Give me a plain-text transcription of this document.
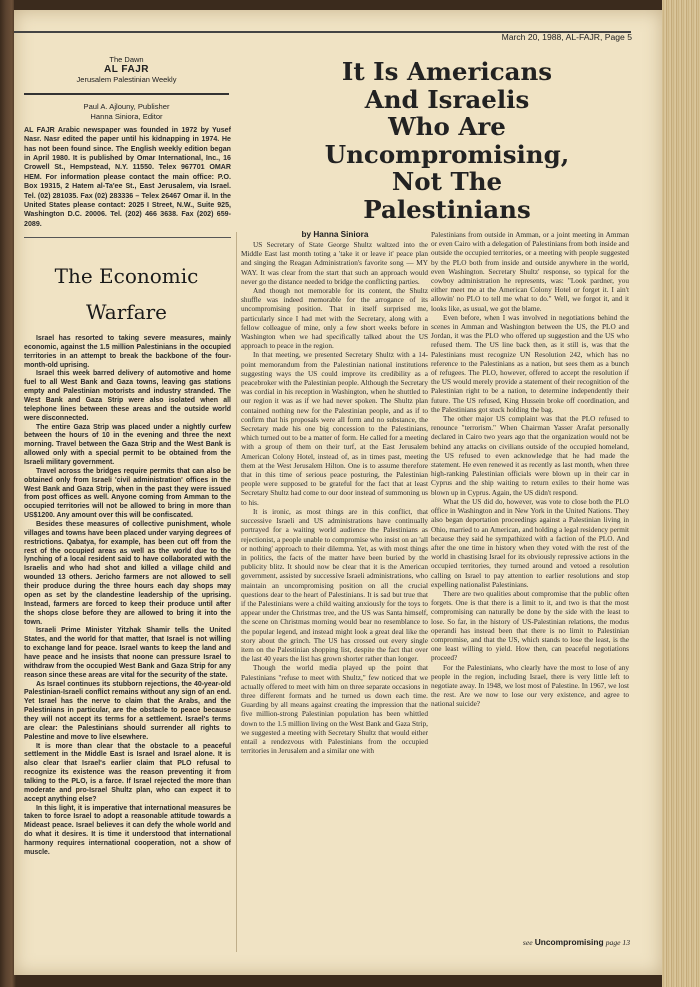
March 20, 1988, AL-FAJR, Page 5
The Dawn
AL FAJR
Jerusalem Palestinian Weekly
Paul A. Ajlouny, Publisher
Hanna Siniora, Editor
AL FAJR Arabic newspaper was founded in 1972 by Yusef Nasr. Nasr edited the paper until his kidnapping in 1974. He has not been found since. The English weekly edition began in April 1980. It is published by Omar International, Inc., 16 Crowell St., Hempstead, N.Y. 11550. Telex 967701 OMAR HEM. For information please contact the main office: P.O. Box 19315, 2 Hatem al-Ta'ee St., East Jerusalem, via Israel. Tel. (02) 281035. Fax (02) 283336 – Telex 26467 Omar il. In the United States please contact: 2025 I Street, N.W., Suite 925, Washington D.C. 20006. Tel. (202) 466 3638. Fax (202) 659-2089.
The Economic
Warfare

Israel has resorted to taking severe measures, mainly economic, against the 1.5 million Palestinians in the occupied territories in an attempt to break the backbone of the four-month-old uprising.

Israel this week barred delivery of automotive and home fuel to all West Bank and Gaza towns, leaving gas stations empty and Palestinian motorists and industry stranded. The West Bank and Gaza Strip were also isolated when all telephone lines between these areas and the outside world were disconnected.

The entire Gaza Strip was placed under a nightly curfew between the hours of 10 in the evening and three the next morning. Travel between the Gaza Strip and the West Bank is allowed only with a special permit to be obtained from the Israeli military government.

Travel across the bridges require permits that can also be obtained only from Israeli 'civil administration' offices in the West Bank and Gaza Strip, when in the past they were issued from post offices as well. Anyone coming from Amman to the occupied territories will not be allowed to bring in more than US$1200. Any amount over this will be confiscated.

Besides these measures of collective punishment, whole villages and towns have been placed under varying degrees of restrictions. Qabatya, for example, has been cut off from the rest of the occupied areas as well as the world due to the lynching of a local resident said to have collaborated with the Israelis and who had shot and killed a village child and wounded 13 others. Jericho farmers are not allowed to sell their produce during the three hours each day shops may open as set by the clandestine leadership of the uprising. Instead, farmers are forced to keep their produce until after the shops close before they are allowed to bring it into the town.

Israeli Prime Minister Yitzhak Shamir tells the United States, and the world for that matter, that Israel is not willing to exchange land for peace. Israel wants to keep the land and have peace and he insists that noone can pressure Israel to withdraw from the occupied West Bank and Gaza Strip for any reason since these areas are vital for the security of the state.

As Israel continues its stubborn rejections, the 40-year-old Palestinian-Israeli conflict remains without any sign of an end. Yet Israel has the nerve to claim that the Arabs, and the Palestinians in particular, are the obstacle to peace because they will not accept its terms for a settlement. Israel's terms are clear: the Palestinians should surrender all rights to Palestine and move to live elsewhere.

It is more than clear that the obstacle to a peaceful settlement in the Middle East is Israel and Israel alone. It is also clear that Israel's earlier claim that PLO refusal to recognize its existence was the reason preventing it from talking to the PLO, is a farce. If Israel rejected the more than moderate and pro-Israel Shultz plan, who can expect it to accept anything else?

In this light, it is imperative that international measures be taken to force Israel to adopt a reasonable attitude towards a Mideast peace. Israel believes it can defy the whole world and do what it desires. It is time it understood that international harmony requires international cooperation, not a show of muscle.

It Is Americans
And Israelis
Who Are
Uncompromising,
Not The
Palestinians
by Hanna Siniora

US Secretary of State George Shultz waltzed into the Middle East last month toting a 'take it or leave it' peace plan and singing the Reagan Administration's favorite song — MY WAY. It was clear from the start that such an approach would never go the distance needed to bridge the conflicting parties.

And though not memorable for its content, the Shultz shuffle was indeed memorable for the arrogance of its uncompromising position. That in itself surprised me, particularly since I had met with the Secretary, along with a fellow colleague of mine, only a few short weeks before in Washington when we had specifically talked about the US approach to peace in the region.

In that meeting, we presented Secretary Shultz with a 14-point memorandum from the Palestinian national institutions suggesting ways the US could improve its credibility as a peacebroker with the Palestinian people. Although the Secretary was cordial in his reception in Washington, when he shuttled to our region it was as if we had never spoken. The Shultz plan contained nothing new for the Palestinian people, and as if to confirm that his proposals were all form and no substance, the Secretary made his one big concession to the Palestinians, which turned out to be a matter of form. He called for a meeting with a group of them on their turf, at the East Jerusalem American Colony Hotel, instead of, as in times past, meeting them at the West Jerusalem Hilton. One is to assume therefore that in this time of serious peace posturing, the Palestinian people were supposed to be grateful for the fact that at least Secretary Shultz had come to our door instead of summoning us to his.

It is ironic, as most things are in this conflict, that successive Israeli and US administrations have continually portrayed for a waiting world audience the Palestinians as rejectionist, a people unable to compromise who insist on an 'all or nothing' approach to their dilemma. Yet, as with most things in politics, the facts of the matter have been buried by the publicity blitz. It should now be clear that it is the American government, assisted by successive Israeli administrations, who maintain an uncompromising position on all the crucial questions dear to the heart of Palestinians. It is sad but true that if the Palestinians were a child waiting anxiously for the toys to appear under the Christmas tree, and the US was Santa himself, the scene on Christmas morning would bear no resemblance to the popular legend, and instead might look a great deal like the story about the grinch. The US has crossed out every single item on the Palestinian shopping list, despite the fact that over the last 40 years the list has grown shorter rather than longer.

Though the world media played up the point that Palestinians "refuse to meet with Shultz," few noticed that we actually offered to meet with him on three separate occasions in three different formats and he turned us down each time. Guarding by all means against creating the impression that the five million-strong Palestinian population has been whittled down to the 1.5 million living on the West Bank and Gaza Strip, we suggested a meeting with Secretary Shultz that would either entail a rendezvous with Palestinians from the occupied territories in Jerusalem and a similar one with

Palestinians from outside in Amman, or a joint meeting in Amman or even Cairo with a delegation of Palestinians from both inside and outside the occupied territories, or a meeting with people suggested by the PLO both from inside and outside anywhere in the world, even Washington. Secretary Shultz' response, so typical for the cowboy administration he represents, was: "Look pardner, you either meet me at the American Colony Hotel or forget it. I ain't allowin' no PLO to tell me what to do." Well, we forgot it, and it looks like, as usual, we got the blame.

Even before, when I was involved in negotiations behind the scenes in Amman and Washington between the US, the PLO and Jordan, it was the PLO who offered up suggestion and the US who refused them. The US line back then, as it still is, was that the Palestinians must recognize UN Resolution 242, which has no reference to the Palestinians as a nation, but sees them as a bunch of refugees. The PLO, however, offered to accept the resolution if the US would merely provide a statement of their recognition of the Palestinian right to be a nation, to determine independently their future. The US refused, King Hussein broke off coordination, and the Palestinians got stuck holding the bag.

The other major US complaint was that the PLO refused to renounce "terrorism." When Chairman Yasser Arafat personally declared in Cairo two years ago that the organization would not be behind any attacks on civilians outside of the occupied homeland, the US refused to even acknowledge that he had made the statement. He even renewed it as recently as last month, when three high-ranking Palestinian officials were blown up in their car in Cyprus and the ship waiting to return exiles to their home was blown up in Cyprus. Again, the US didn't respond.

What the US did do, however, was vote to close both the PLO office in Washington and in New York in the United Nations. They also began deportation proceedings against a Palestinian living in Ohio, married to an American, and holding a legal residency permit because they said he sympathized with a faction of the PLO. And after the one time in history when they voted with the rest of the world in chastising Israel for its obviously repressive actions in the occupied territories, they turned around and vetoed a resolution calling on Israel to pay attention to earlier resolutions and stop expelling nationalist Palestinians.

There are two qualities about compromise that the public often forgets. One is that there is a limit to it, and two is that the most compromising can naturally be done by the side with the least to lose. So far, in the history of US-Palestinian relations, the modus operandi has instead been that there is no limit to Palestinian compromise, and that the US, which stands to lose the least, is the one least willing to yield. How then, can peaceful negotiations proceed?

For the Palestinians, who clearly have the most to lose of any people in the region, including Israel, there is very little left to negotiate away. In 1948, we lost most of Palestine. In 1967, we lost the rest. Are we now to lose our very existence, and agree to national suicide?

see Uncompromising page 13
